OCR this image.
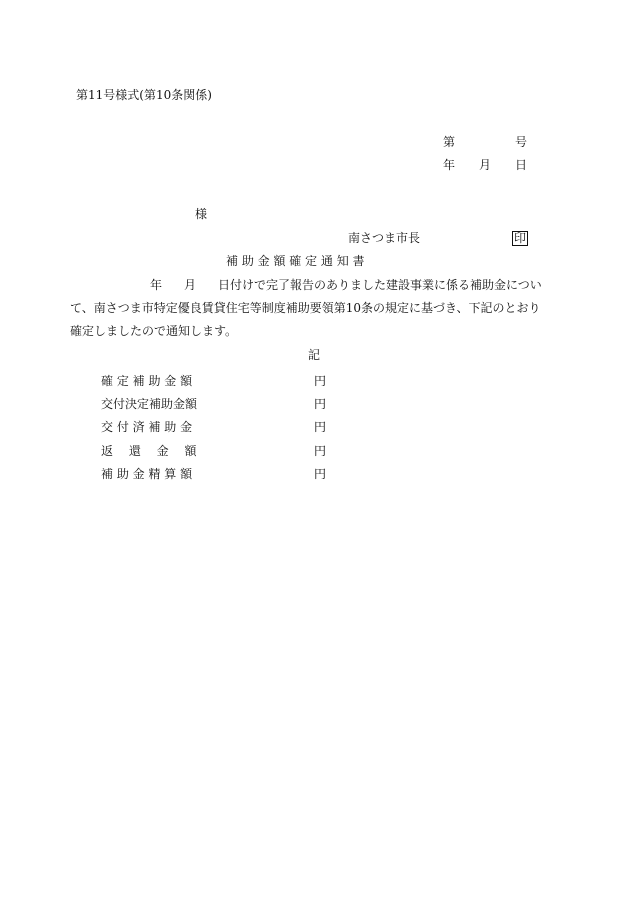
第11号様式(第10条関係)
第	号
年 月 日
様
南さつま市長	印
補 助 金 額 確 定 通 知 書
年 月 日付けで完了報告のありました建設事業に係る補助金につい
て、南さつま市特定優良賃貸住宅等制度補助要領第10条の規定に基づき、下記のとおり
確定しましたので通知します。
記
確 定 補 助 金 額	円
交付決定補助金額	円
交 付 済 補 助 金	円
返　 還　 金　 額	円
補 助 金 精 算 額	円
